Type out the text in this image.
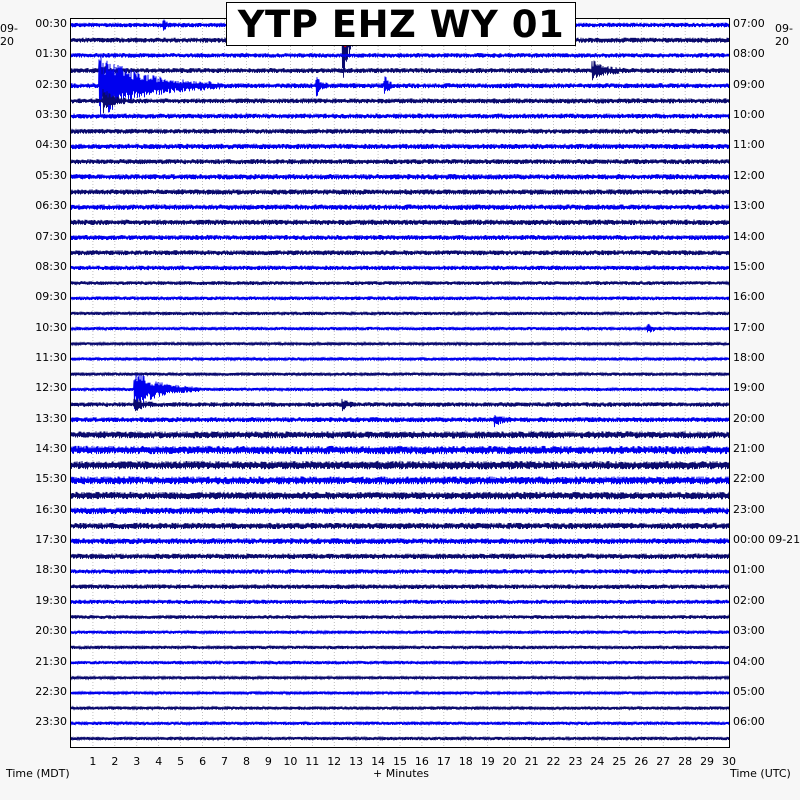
YTP EHZ WY 01
09-20
09-20
00:30
01:30
02:30
03:30
04:30
05:30
06:30
07:30
08:30
09:30
10:30
11:30
12:30
13:30
14:30
15:30
16:30
17:30
18:30
19:30
20:30
21:30
22:30
23:30
07:00
08:00
09:00
10:00
11:00
12:00
13:00
14:00
15:00
16:00
17:00
18:00
19:00
20:00
21:00
22:00
23:00
00:00 09-21
01:00
02:00
03:00
04:00
05:00
06:00
1	2	3	4	5	6	7	8	9	10 11 12 13 14 15 16 17 18 19 20 21 22 23 24 25 26 27 28 29 30
Time (MDT)	+ Minutes	Time (UTC)
